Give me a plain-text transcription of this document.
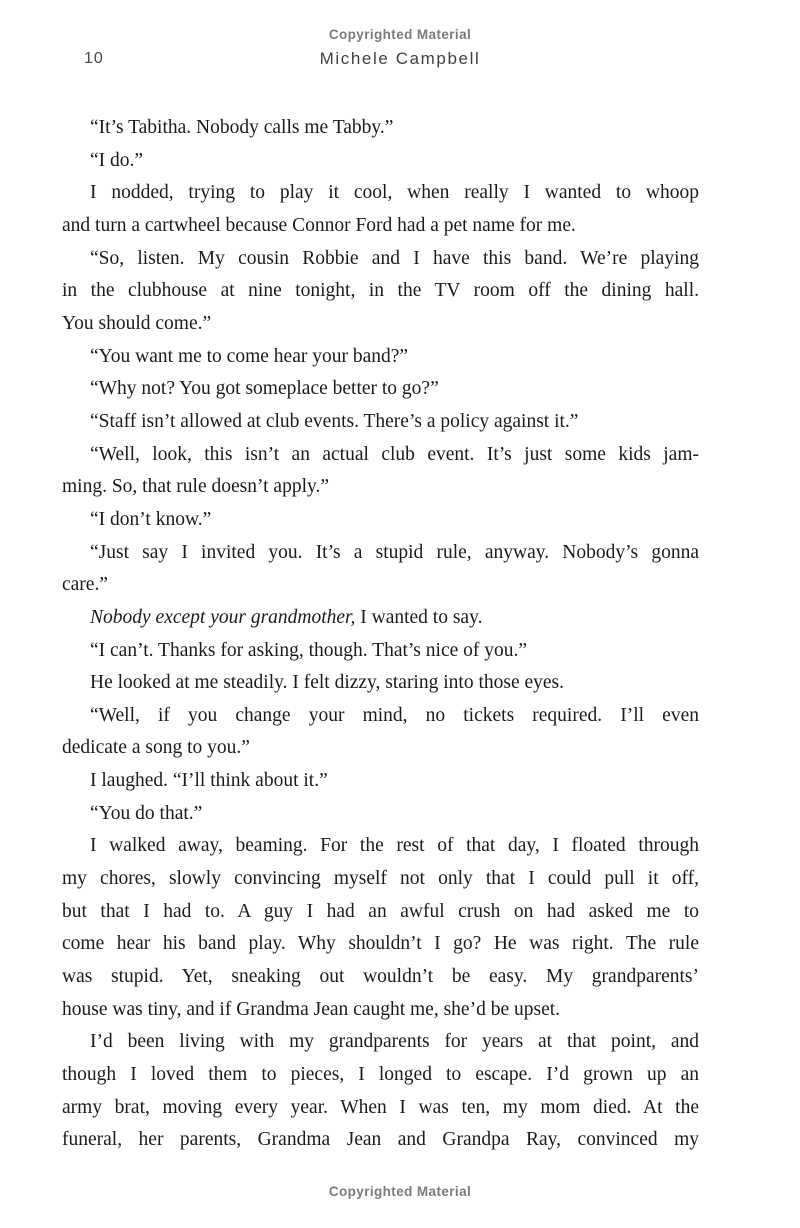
Copyrighted Material
10	Michele Campbell
“It’s Tabitha. Nobody calls me Tabby.”
“I do.”
I nodded, trying to play it cool, when really I wanted to whoop
and turn a cartwheel because Connor Ford had a pet name for me.
“So, listen. My cousin Robbie and I have this band. We’re playing
in the clubhouse at nine tonight, in the TV room off the dining hall.
You should come.”
“You want me to come hear your band?”
“Why not? You got someplace better to go?”
“Staff isn’t allowed at club events. There’s a policy against it.”
“Well, look, this isn’t an actual club event. It’s just some kids jam-
ming. So, that rule doesn’t apply.”
“I don’t know.”
“Just say I invited you. It’s a stupid rule, anyway. Nobody’s gonna
care.”
Nobody except your grandmother, I wanted to say.
“I can’t. Thanks for asking, though. That’s nice of you.”
He looked at me steadily. I felt dizzy, staring into those eyes.
“Well, if you change your mind, no tickets required. I’ll even
dedicate a song to you.”
I laughed. “I’ll think about it.”
“You do that.”
I walked away, beaming. For the rest of that day, I floated through
my chores, slowly convincing myself not only that I could pull it off,
but that I had to. A guy I had an awful crush on had asked me to
come hear his band play. Why shouldn’t I go? He was right. The rule
was stupid. Yet, sneaking out wouldn’t be easy. My grandparents’
house was tiny, and if Grandma Jean caught me, she’d be upset.
I’d been living with my grandparents for years at that point, and
though I loved them to pieces, I longed to escape. I’d grown up an
army brat, moving every year. When I was ten, my mom died. At the
funeral, her parents, Grandma Jean and Grandpa Ray, convinced my
Copyrighted Material
